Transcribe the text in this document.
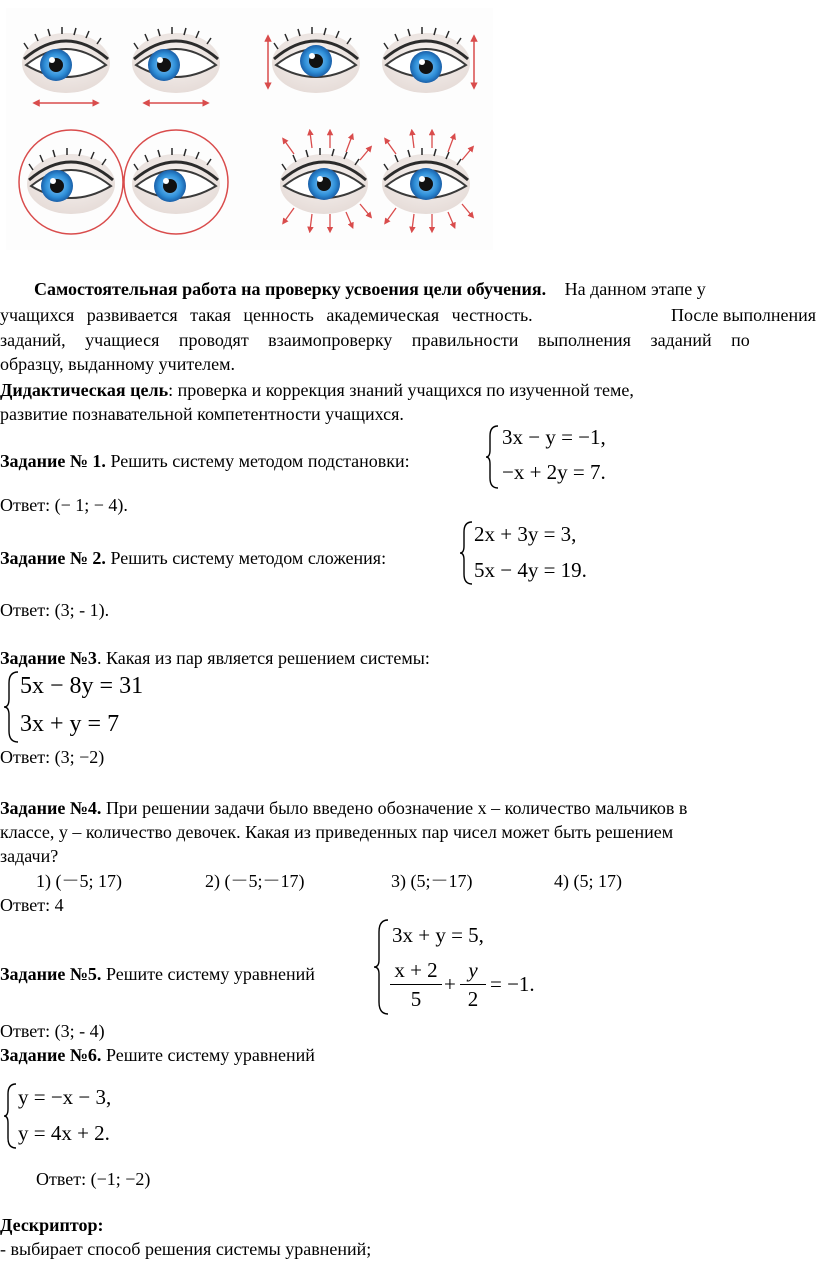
Самостоятельная работа на проверку усвоения цели обучения. На данном этапе у
учащихся развивается такая ценность академическая честность.	После выполнения
заданий, учащиеся проводят взаимопроверку правильности выполнения заданий по
образцу, выданному учителем.
Дидактическая цель: проверка и коррекция знаний учащихся по изученной теме,
развитие познавательной компетентности учащихся.
Задание № 1. Решить систему методом подстановки:
3x − y = −1,
−x + 2y = 7.
Ответ: (− 1; − 4).
Задание № 2. Решить систему методом сложения:
2x + 3y = 3,
5x − 4y = 19.
Ответ: (3; - 1).
Задание №3. Какая из пар является решением системы:
5x − 8y = 31
3x + y = 7
Ответ: (3; −2)
Задание №4. При решении задачи было введено обозначение x – количество мальчиков в
классе, y – количество девочек. Какая из приведенных пар чисел может быть решением
задачи?
1) (－5; 17)	2) (－5;－17)	3) (5;－17)	4) (5; 17)
Ответ: 4
Задание №5. Решите систему уравнений
3x + y = 5,
x + 2
5
+
y
2
= −1.
Ответ: (3; - 4)
Задание №6. Решите систему уравнений
y = −x − 3,
y = 4x + 2.
Ответ: (−1; −2)
Дескриптор:
- выбирает способ решения системы уравнений;
